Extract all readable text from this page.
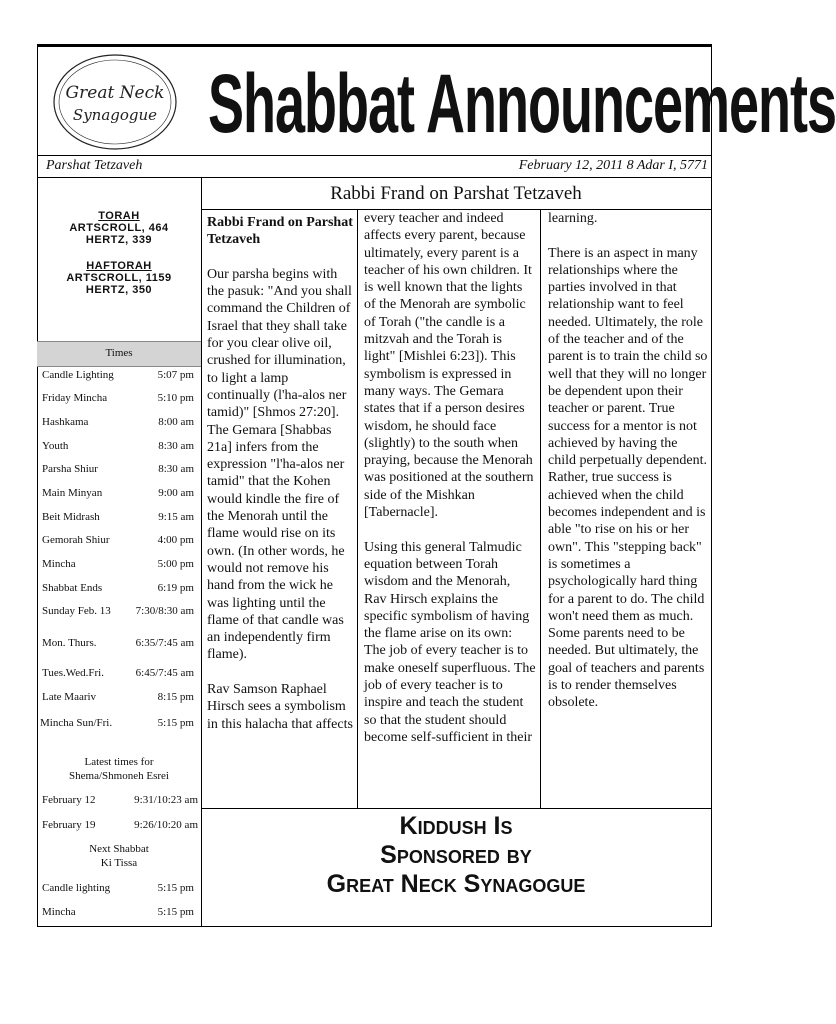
Great Neck
Synagogue Shabbat Announcements
Parshat Tetzaveh	February 12, 2011 8 Adar I, 5771
TORAH
ARTSCROLL, 464
HERTZ, 339
HAFTORAH
ARTSCROLL, 1159
HERTZ, 350
Times
Candle Lighting	5:07 pm
Friday Mincha	5:10 pm
Hashkama	8:00 am
Youth	8:30 am
Parsha Shiur	8:30 am
Main Minyan	9:00 am
Beit Midrash	9:15 am
Gemorah Shiur	4:00 pm
Mincha	5:00 pm
Shabbat Ends	6:19 pm
Sunday Feb. 13 7:30/8:30 am
Mon. Thurs.	6:35/7:45 am
Tues.Wed.Fri.	6:45/7:45 am
Late Maariv	8:15 pm
Mincha Sun/Fri.	5:15 pm
Latest times for
Shema/Shmoneh Esrei
February 12	9:31/10:23 am
February 19	9:26/10:20 am
Next Shabbat
Ki Tissa
Candle lighting	5:15 pm
Mincha	5:15 pm
Rabbi Frand on Parshat Tetzaveh

Rabbi Frand on Parshat Tetzaveh

Our parsha begins with the pasuk: "And you shall command the Children of Israel that they shall take for you clear olive oil, crushed for illumination, to light a lamp continually (l'ha-alos ner tamid)" [Shmos 27:20]. The Gemara [Shabbas 21a] infers from the expression "l'ha-alos ner tamid" that the Kohen would kindle the fire of the Menorah until the flame would rise on its own. (In other words, he would not remove his hand from the wick he was lighting until the flame of that candle was an independently firm flame).

Rav Samson Raphael Hirsch sees a symbolism in this halacha that affects

every teacher and indeed affects every parent, because ultimately, every parent is a teacher of his own children. It is well known that the lights of the Menorah are symbolic of Torah ("the candle is a mitzvah and the Torah is light" [Mishlei 6:23]). This symbolism is expressed in many ways. The Gemara states that if a person desires wisdom, he should face (slightly) to the south when praying, because the Menorah was positioned at the southern side of the Mishkan [Tabernacle].

Using this general Talmudic equation between Torah wisdom and the Menorah, Rav Hirsch explains the specific symbolism of having the flame arise on its own: The job of every teacher is to make oneself superfluous. The job of every teacher is to inspire and teach the student so that the student should become self-sufficient in their

learning.

There is an aspect in many relationships where the parties involved in that relationship want to feel needed. Ultimately, the role of the teacher and of the parent is to train the child so well that they will no longer be dependent upon their teacher or parent. True success for a mentor is not achieved by having the child perpetually dependent. Rather, true success is achieved when the child becomes independent and is able "to rise on his or her own". This "stepping back" is sometimes a psychologically hard thing for a parent to do. The child won't need them as much. Some parents need to be needed. But ultimately, the goal of teachers and parents is to render themselves obsolete.

Kiddush Is
Sponsored by
Great Neck Synagogue
